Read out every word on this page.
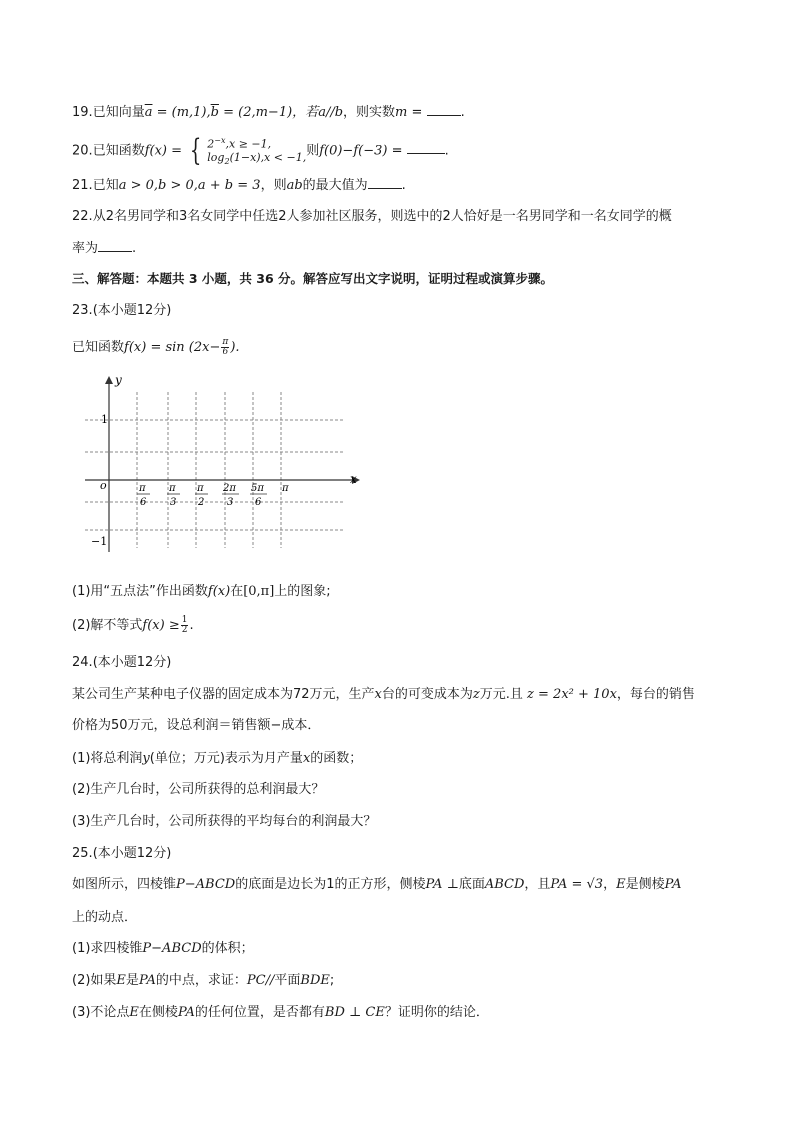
19.已知向量$\overline{a} = (m,1),\overline{b} = (2,m-1)$，若a//b，则实数m =	.
20.已知函数f(x) = { $2^{-x},x \ge -1$,
$\log_2(1-x),x < -1$, 则f(0)−f(−3) =	.
21.已知a > 0,b > 0,a + b = 3，则ab的最大值为	.
22.从2名男同学和3名女同学中任选2人参加社区服务，则选中的2人恰好是一名男同学和一名女同学的概
率为	.
三、解答题：本题共 3 小题，共 36 分。解答应写出文字说明，证明过程或演算步骤。
23.(本小题12分)
已知函数$f(x) = \sin (2x- \frac{\pi}{6}$ ).
y
x
o
1
−1
π
6
π
3
π
2
2π
3
5π
6
π
(1)用“五点法”作出函数f(x)在[0,π]上的图象;
(2)解不等式$f(x) \ge \frac{1}{2}$ .
24.(本小题12分)
某公司生产某种电子仪器的固定成本为72万元，生产x台的可变成本为z万元.且 z = 2x² + 10x，每台的销售
价格为50万元，设总利润＝销售额−成本．
(1)将总利润y(单位；万元)表示为月产量x的函数；
(2)生产几台时，公司所获得的总利润最大？
(3)生产几台时，公司所获得的平均每台的利润最大？
25.(本小题12分)
如图所示，四棱锥P−ABCD的底面是边长为1的正方形，侧棱PA ⊥底面ABCD，且PA = √3，E是侧棱PA
上的动点．
(1)求四棱锥P−ABCD的体积；
(2)如果E是PA的中点，求证：PC//平面BDE;
(3)不论点E在侧棱PA的任何位置，是否都有BD ⊥ CE？证明你的结论．
